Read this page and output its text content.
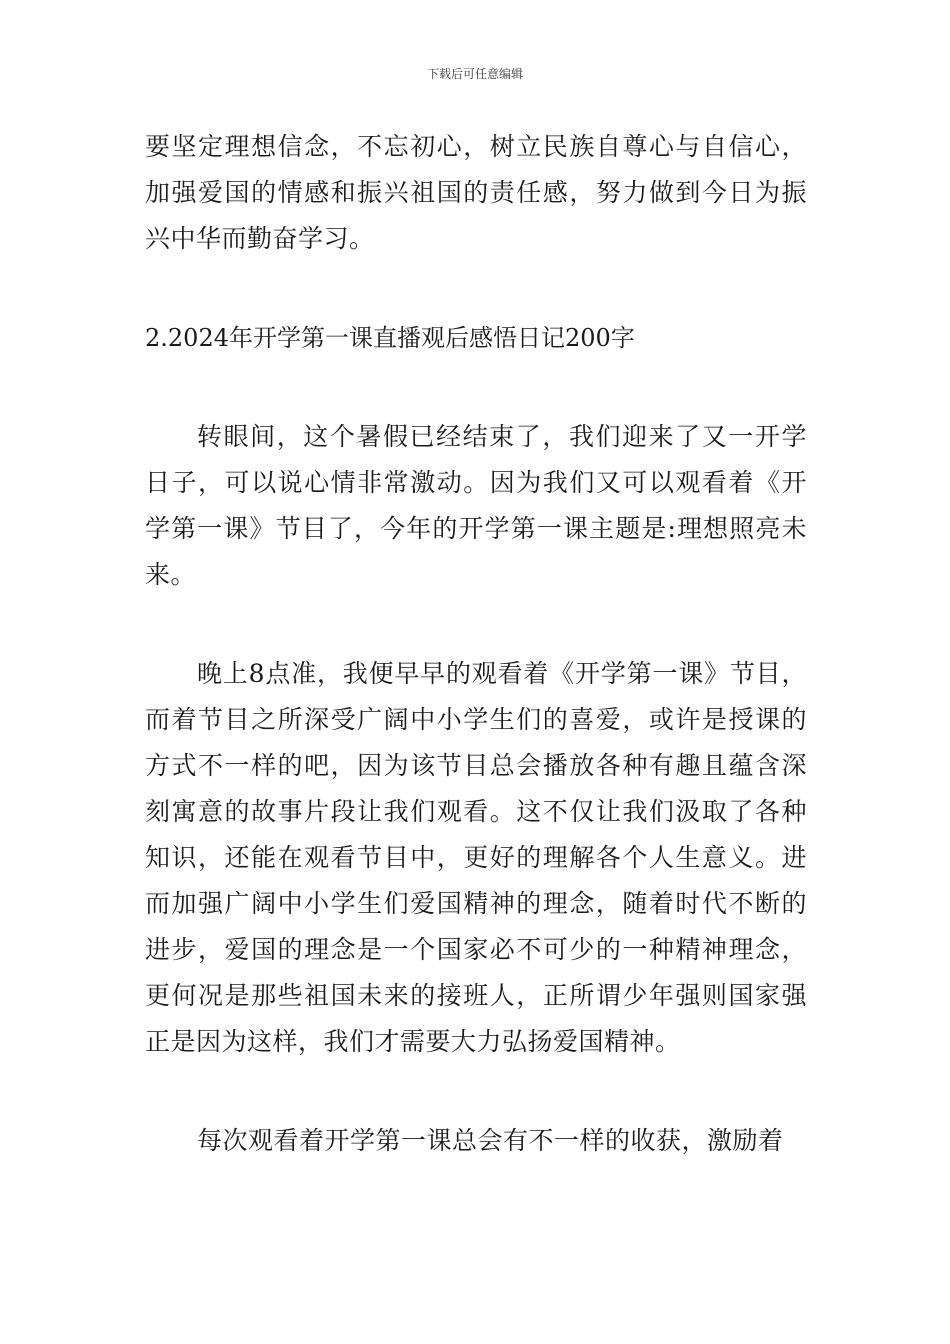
下载后可任意编辑

要坚定理想信念，不忘初心，树立民族自尊心与自信心，加强爱国的情感和振兴祖国的责任感，努力做到今日为振兴中华而勤奋学习。

2.2024年开学第一课直播观后感悟日记200字

转眼间，这个暑假已经结束了，我们迎来了又一开学日子，可以说心情非常激动。因为我们又可以观看着《开学第一课》节目了，今年的开学第一课主题是:理想照亮未来。

晚上8点准，我便早早的观看着《开学第一课》节目，而着节目之所深受广阔中小学生们的喜爱，或许是授课的方式不一样的吧，因为该节目总会播放各种有趣且蕴含深刻寓意的故事片段让我们观看。这不仅让我们汲取了各种知识，还能在观看节目中，更好的理解各个人生意义。进而加强广阔中小学生们爱国精神的理念，随着时代不断的进步，爱国的理念是一个国家必不可少的一种精神理念，更何况是那些祖国未来的接班人，正所谓少年强则国家强正是因为这样，我们才需要大力弘扬爱国精神。

每次观看着开学第一课总会有不一样的收获，激励着
